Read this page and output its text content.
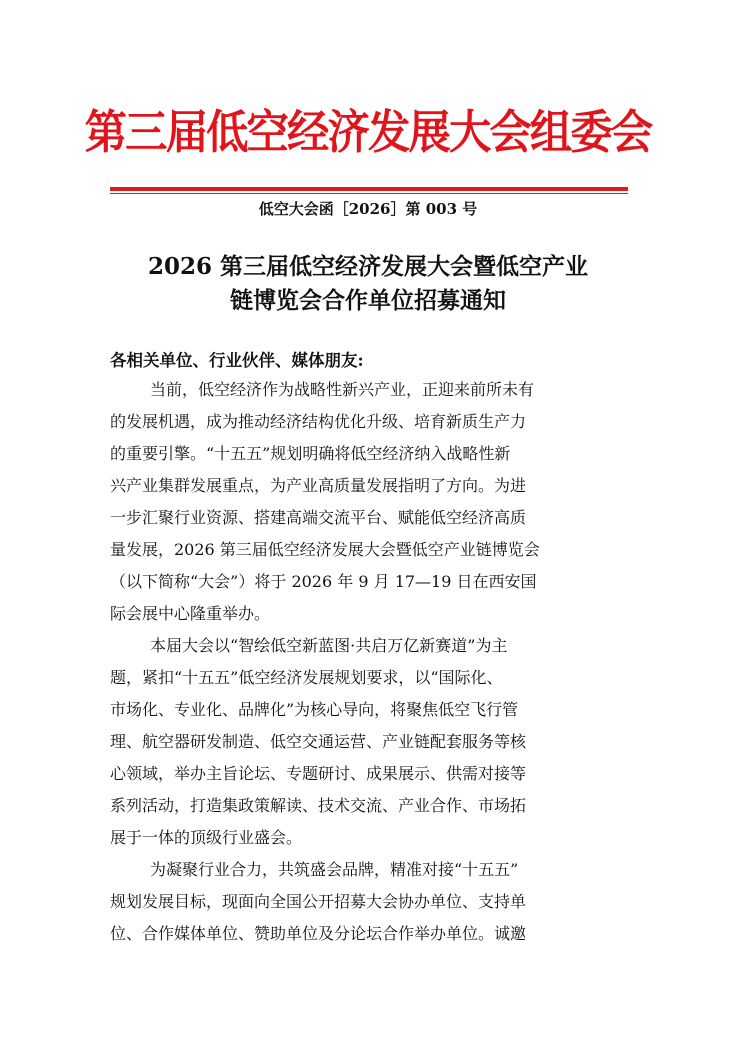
第三届低空经济发展大会组委会
低空大会函［2026］第 003 号
2026 第三届低空经济发展大会暨低空产业
链博览会合作单位招募通知
各相关单位、行业伙伴、媒体朋友:
当前，低空经济作为战略性新兴产业，正迎来前所未有
的发展机遇，成为推动经济结构优化升级、培育新质生产力
的重要引擎。“十五五”规划明确将低空经济纳入战略性新
兴产业集群发展重点，为产业高质量发展指明了方向。为进
一步汇聚行业资源、搭建高端交流平台、赋能低空经济高质
量发展，2026 第三届低空经济发展大会暨低空产业链博览会
（以下简称“大会”）将于 2026 年 9 月 17—19 日在西安国
际会展中心隆重举办。
本届大会以“智绘低空新蓝图·共启万亿新赛道”为主
题，紧扣“十五五”低空经济发展规划要求，以“国际化、
市场化、专业化、品牌化”为核心导向，将聚焦低空飞行管
理、航空器研发制造、低空交通运营、产业链配套服务等核
心领域，举办主旨论坛、专题研讨、成果展示、供需对接等
系列活动，打造集政策解读、技术交流、产业合作、市场拓
展于一体的顶级行业盛会。
为凝聚行业合力，共筑盛会品牌，精准对接“十五五”
规划发展目标，现面向全国公开招募大会协办单位、支持单
位、合作媒体单位、赞助单位及分论坛合作举办单位。诚邀
